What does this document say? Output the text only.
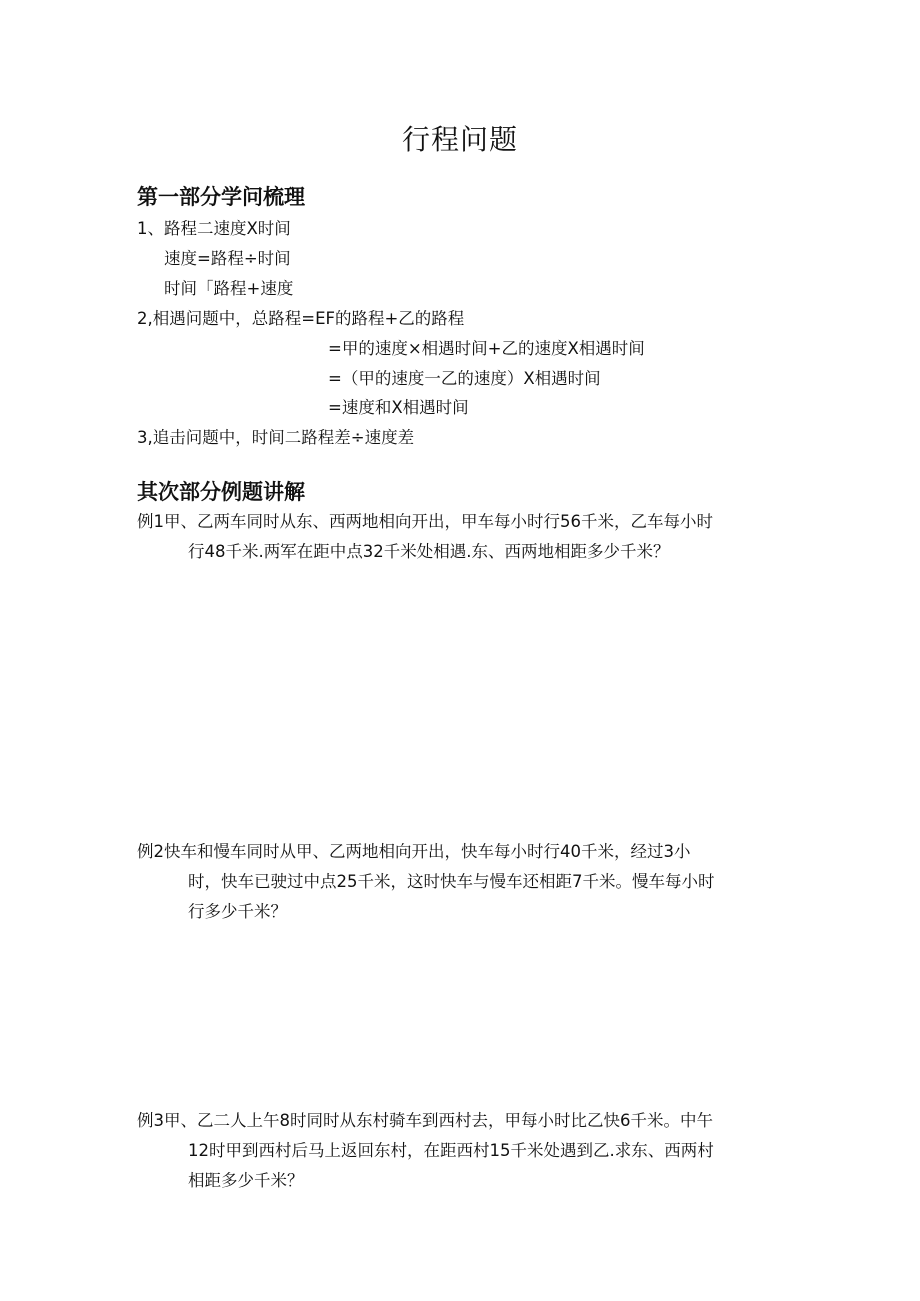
行程问题
第一部分学问梳理
1、路程二速度X时间
速度=路程÷时间
时间「路程+速度
2,相遇问题中，总路程=EF的路程+乙的路程
=甲的速度×相遇时间+乙的速度X相遇时间
=（甲的速度一乙的速度）X相遇时间
=速度和X相遇时间
3,追击问题中，时间二路程差÷速度差
其次部分例题讲解
例1甲、乙两车同时从东、西两地相向开出，甲车每小时行56千米，乙车每小时
行48千米.两军在距中点32千米处相遇.东、西两地相距多少千米？
例2快车和慢车同时从甲、乙两地相向开出，快车每小时行40千米，经过3小
时，快车已驶过中点25千米，这时快车与慢车还相距7千米。慢车每小时
行多少千米？
例3甲、乙二人上午8时同时从东村骑车到西村去，甲每小时比乙快6千米。中午
12时甲到西村后马上返回东村，在距西村15千米处遇到乙.求东、西两村
相距多少千米？
